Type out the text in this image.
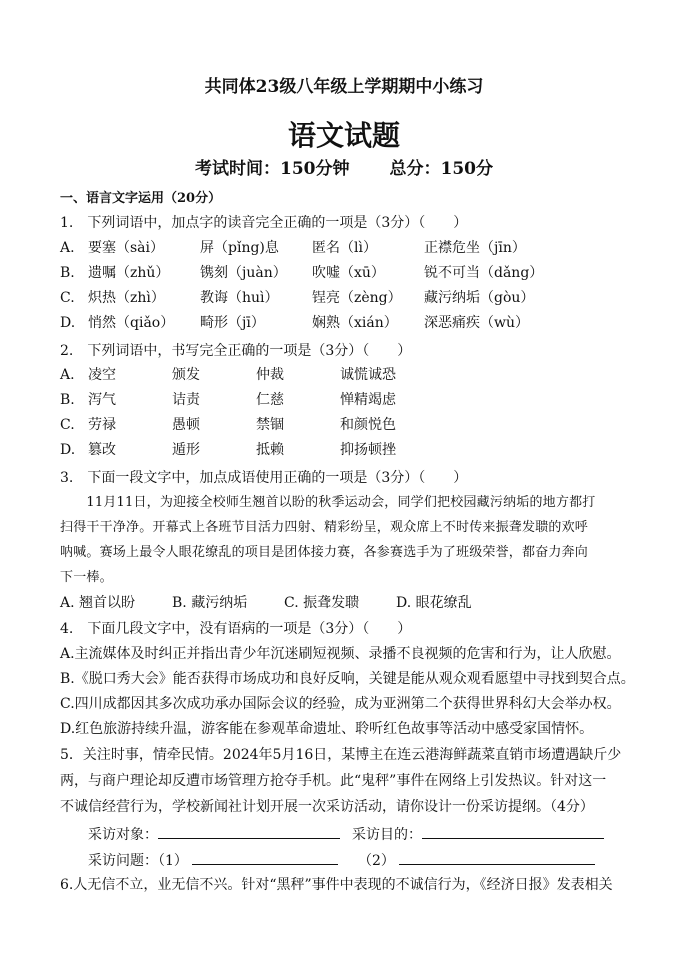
共同体23级八年级上学期期中小练习
语文试题
考试时间：150分钟 总分：150分
一、语言文字运用（20分）
1.　下列词语中，加点字的读音完全正确的一项是（3分）（　　）
A. 要塞（sài）	屏（pǐng)息 匿名（lì）	正襟危坐（jīn）
B. 遗嘱（zhǔ） 镌刻（juàn） 吹嘘（xū）	锐不可当（dǎng）
C. 炽热（zhì）	教诲（huì） 锃亮（zèng） 藏污纳垢（gòu）
D. 悄然（qiǎo） 畸形（jī）	娴熟（xián） 深恶痛疾（wù）
2.　下列词语中，书写完全正确的一项是（3分）（　　）
A. 凌空	颁发	仲裁	诚慌诚恐
B. 泻气	诘责	仁慈	惮精竭虑
C. 劳禄	愚顿	禁锢	和颜悦色
D. 篡改	遁形	抵赖	抑扬顿挫
3.　下面一段文字中，加点成语使用正确的一项是（3分）（　　）
　　11月11日，为迎接全校师生翘首以盼的秋季运动会，同学们把校园藏污纳垢的地方都打
扫得干干净净。开幕式上各班节目活力四射、精彩纷呈，观众席上不时传来振聋发聩的欢呼
呐喊。赛场上最令人眼花缭乱的项目是团体接力赛，各参赛选手为了班级荣誉，都奋力奔向
下一棒。
A. 翘首以盼	B. 藏污纳垢	C. 振聋发聩	D. 眼花缭乱
4.　下面几段文字中，没有语病的一项是（3分）（　　）
A.主流媒体及时纠正并指出青少年沉迷刷短视频、录播不良视频的危害和行为，让人欣慰。
B.《脱口秀大会》能否获得市场成功和良好反响，关键是能从观众观看愿望中寻找到契合点。
C.四川成都因其多次成功承办国际会议的经验，成为亚洲第二个获得世界科幻大会举办权。
D.红色旅游持续升温，游客能在参观革命遗址、聆听红色故事等活动中感受家国情怀。
5．关注时事，情牵民情。2024年5月16日，某博主在连云港海鲜蔬菜直销市场遭遇缺斤少
两，与商户理论却反遭市场管理方抢夺手机。此“鬼秤”事件在网络上引发热议。针对这一
不诚信经营行为，学校新闻社计划开展一次采访活动，请你设计一份采访提纲。（4分）
采访对象：	采访目的：
采访问题：（1）	（2）
6.人无信不立，业无信不兴。针对“黑秤”事件中表现的不诚信行为，《经济日报》发表相关
